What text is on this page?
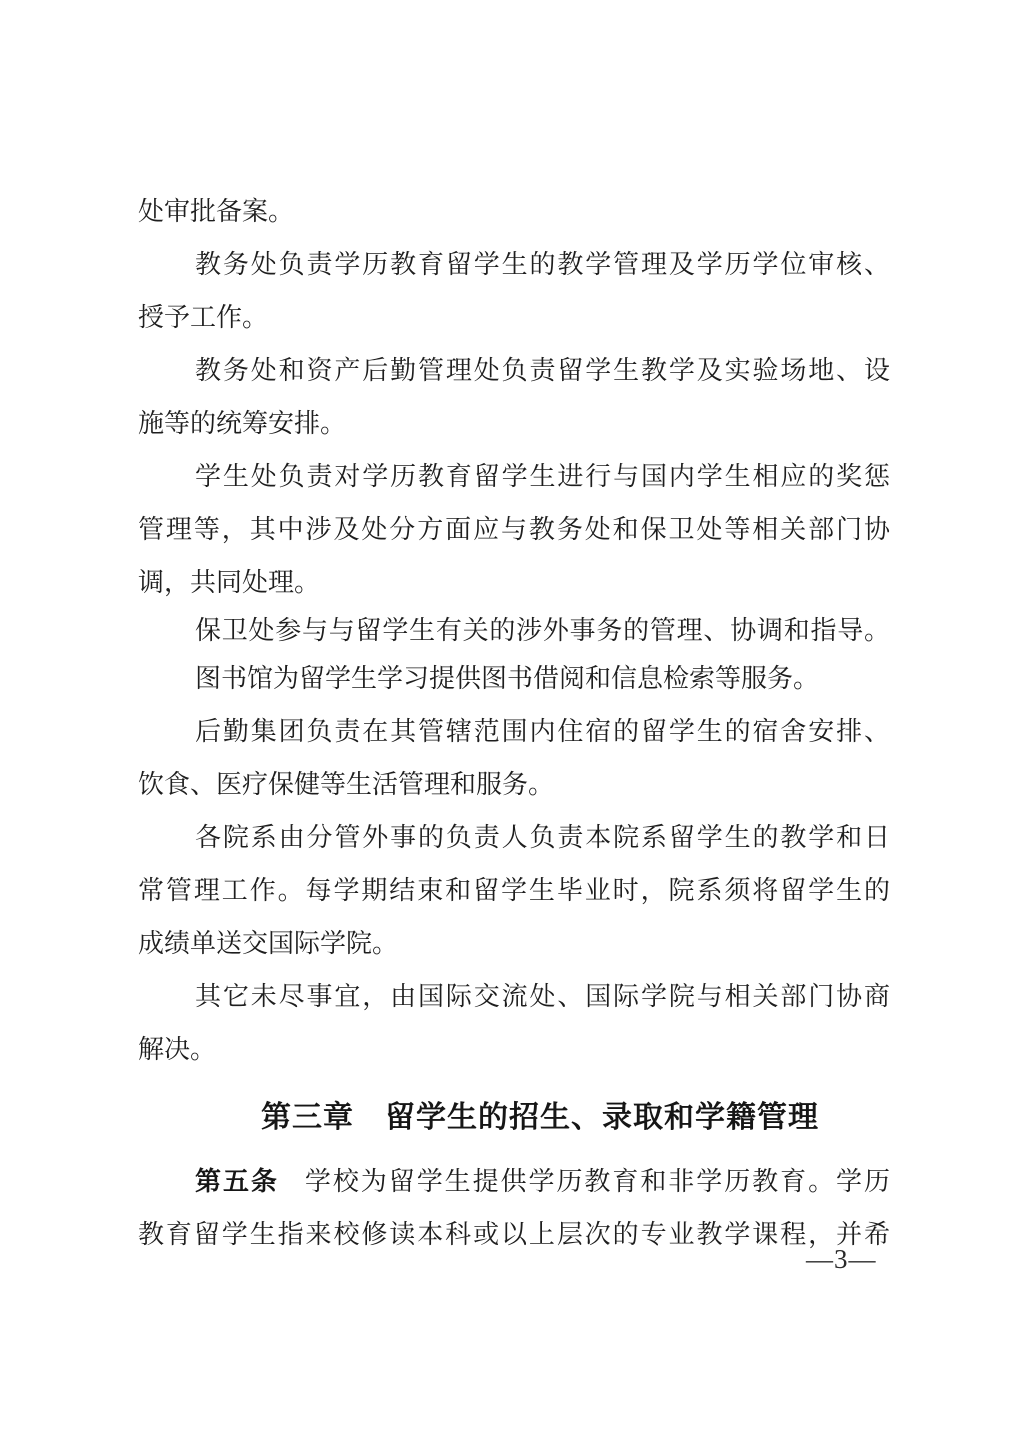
处审批备案。
教务处负责学历教育留学生的教学管理及学历学位审核、
授予工作。
教务处和资产后勤管理处负责留学生教学及实验场地、设
施等的统筹安排。
学生处负责对学历教育留学生进行与国内学生相应的奖惩
管理等，其中涉及处分方面应与教务处和保卫处等相关部门协
调，共同处理。
保卫处参与与留学生有关的涉外事务的管理、协调和指导。
图书馆为留学生学习提供图书借阅和信息检索等服务。
后勤集团负责在其管辖范围内住宿的留学生的宿舍安排、
饮食、医疗保健等生活管理和服务。
各院系由分管外事的负责人负责本院系留学生的教学和日
常管理工作。每学期结束和留学生毕业时，院系须将留学生的
成绩单送交国际学院。
其它未尽事宜，由国际交流处、国际学院与相关部门协商
解决。
第三章　留学生的招生、录取和学籍管理
第五条 学校为留学生提供学历教育和非学历教育。学历
教育留学生指来校修读本科或以上层次的专业教学课程，并希
—3—
